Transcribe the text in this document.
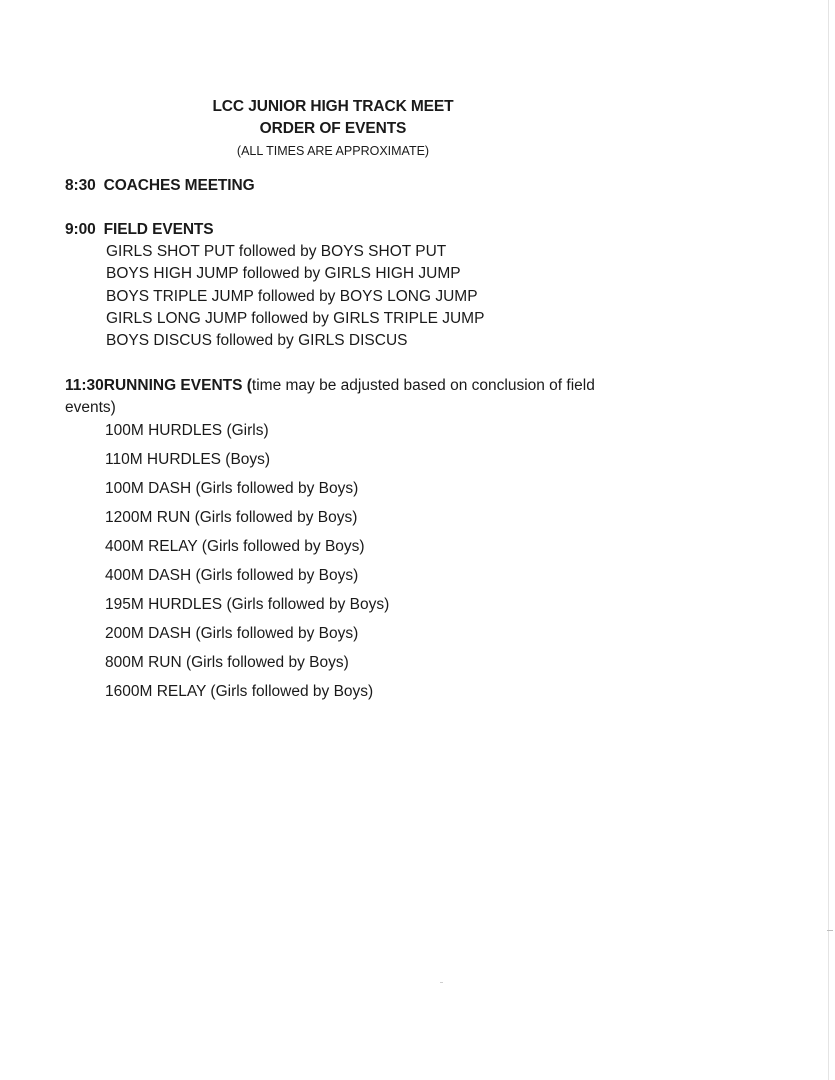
LCC JUNIOR HIGH TRACK MEET
ORDER OF EVENTS
(ALL TIMES ARE APPROXIMATE)
8:30 COACHES MEETING
9:00 FIELD EVENTS
GIRLS SHOT PUT followed by BOYS SHOT PUT
BOYS HIGH JUMP followed by GIRLS HIGH JUMP
BOYS TRIPLE JUMP followed by BOYS LONG JUMP
GIRLS LONG JUMP followed by GIRLS TRIPLE JUMP
BOYS DISCUS followed by GIRLS DISCUS
11:30RUNNING EVENTS (time may be adjusted based on conclusion of field events)
100M HURDLES (Girls)
110M HURDLES (Boys)
100M DASH (Girls followed by Boys)
1200M RUN (Girls followed by Boys)
400M RELAY (Girls followed by Boys)
400M DASH (Girls followed by Boys)
195M HURDLES (Girls followed by Boys)
200M DASH (Girls followed by Boys)
800M RUN (Girls followed by Boys)
1600M RELAY (Girls followed by Boys)
